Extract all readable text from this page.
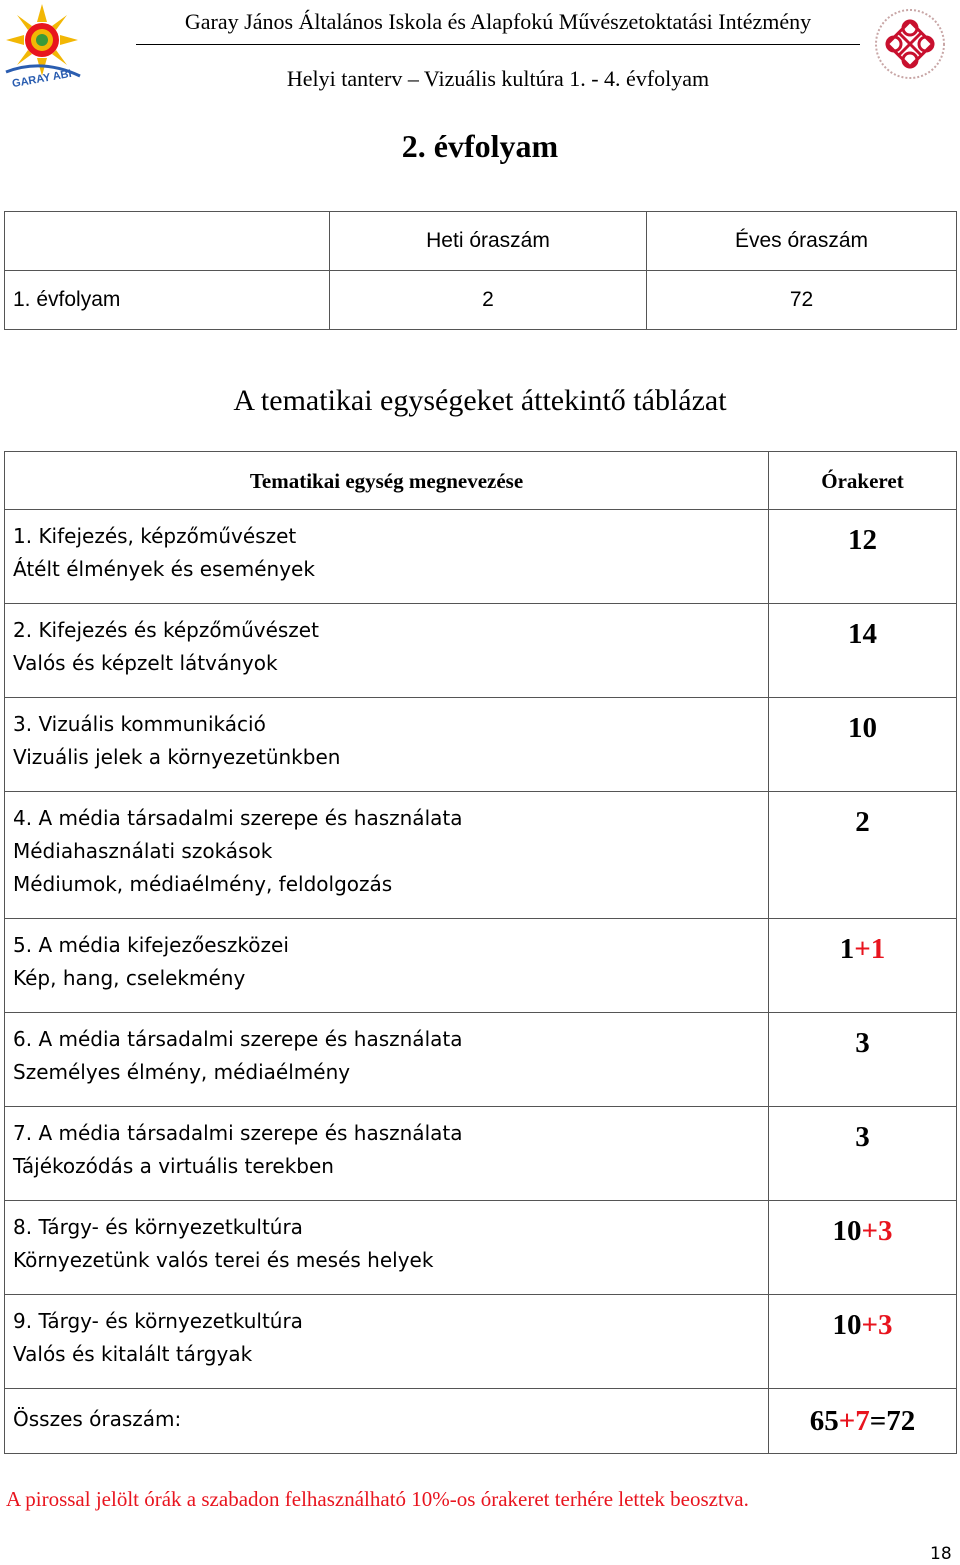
GARAY ABI
Garay János Általános Iskola és Alapfokú Művészetoktatási Intézmény
Helyi tanterv – Vizuális kultúra 1. - 4. évfolyam
2. évfolyam
	Heti óraszám	Éves óraszám
1. évfolyam	2	72
A tematikai egységeket áttekintő táblázat
Tematikai egység megnevezése	Órakeret

1. Kifejezés, képzőművészet
Átélt élmények és események	12

2. Kifejezés és képzőművészet
Valós és képzelt látványok	14

3. Vizuális kommunikáció
Vizuális jelek a környezetünkben	10

4. A média társadalmi szerepe és használata
Médiahasználati szokások
Médiumok, médiaélmény, feldolgozás	2

5. A média kifejezőeszközei
Kép, hang, cselekmény	1+1

6. A média társadalmi szerepe és használata
Személyes élmény, médiaélmény	3

7. A média társadalmi szerepe és használata
Tájékozódás a virtuális terekben	3

8. Tárgy- és környezetkultúra
Környezetünk valós terei és mesés helyek	10+3

9. Tárgy- és környezetkultúra
Valós és kitalált tárgyak	10+3
Összes óraszám:	65+7=72
A pirossal jelölt órák a szabadon felhasználható 10%-os órakeret terhére lettek beosztva.
18
